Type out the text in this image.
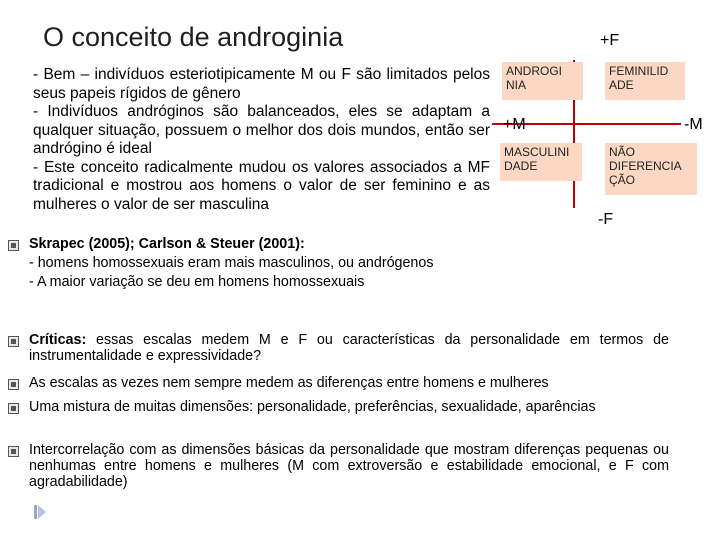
O conceito de androginia

- Bem – indivíduos esteriotipicamente M ou F são limitados pelos seus papeis rígidos de gênero

- Indivíduos andróginos são balanceados, eles se adaptam a qualquer situação, possuem o melhor dos dois mundos, então ser andrógino é ideal

- Este conceito radicalmente mudou os valores associados a MF tradicional e mostrou aos homens o valor de ser feminino e as mulheres o valor de ser masculina

+F
-F
+M	-M
ANDROGI
NIA
FEMINILID
ADE
MASCULINI
DADE
NÃO
DIFERENCIA
ÇÃO

Skrapec (2005); Carlson & Steuer (2001):

- homens homossexuais eram mais masculinos, ou andrógenos

- A maior variação se deu em homens homossexuais

Críticas: essas escalas medem M e F ou características da personalidade em termos de instrumentalidade e expressividade?

As escalas as vezes nem sempre medem as diferenças entre homens e mulheres

Uma mistura de muitas dimensões: personalidade, preferências, sexualidade, aparências

Intercorrelação com as dimensões básicas da personalidade que mostram diferenças pequenas ou nenhumas entre homens e mulheres (M com extroversão e estabilidade emocional, e F com agradabilidade)
